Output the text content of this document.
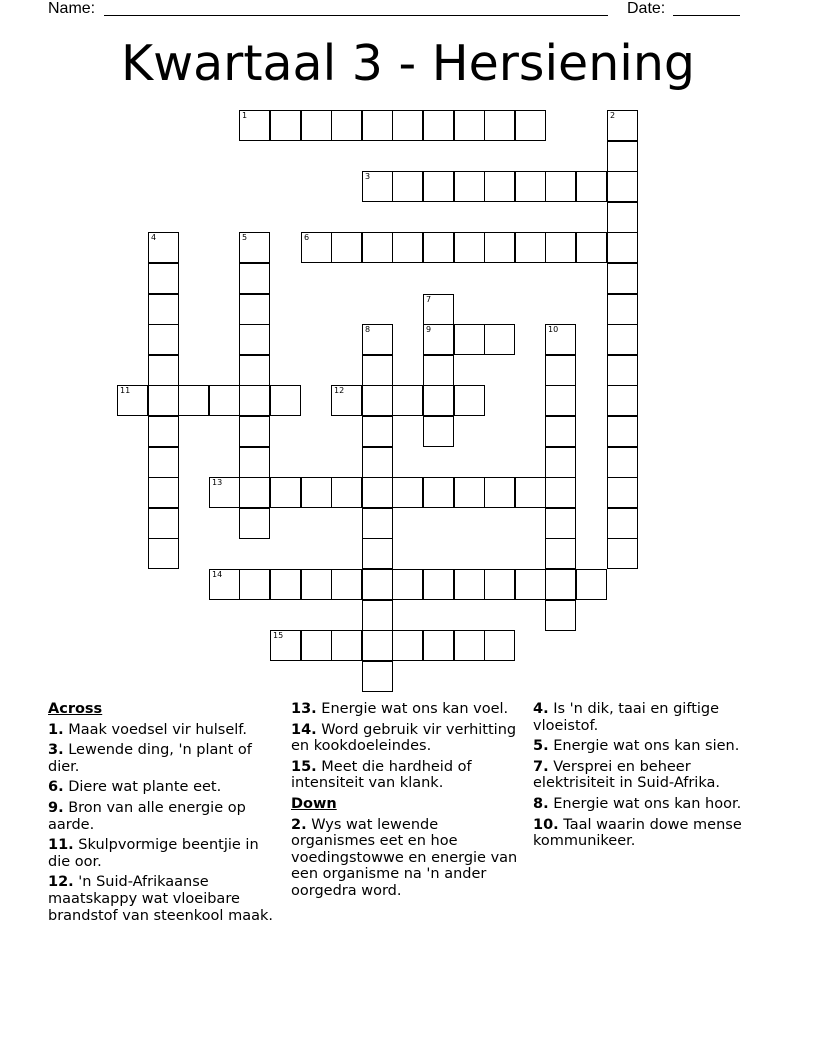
Name:	Date:
Kwartaal 3 - Hersiening
1	2
3
4	5	6
7
8	9	10
11	12
13
14
15
Across
1. Maak voedsel vir hulself.
3. Lewende ding, 'n plant of dier.
6. Diere wat plante eet.
9. Bron van alle energie op aarde.
11. Skulpvormige beentjie in die oor.
12. 'n Suid-Afrikaanse maatskappy wat vloeibare brandstof van steenkool maak.
13. Energie wat ons kan voel.
14. Word gebruik vir verhitting en kookdoeleindes.
15. Meet die hardheid of intensiteit van klank.
Down
2. Wys wat lewende organismes eet en hoe voedingstowwe en energie van een organisme na 'n ander oorgedra word.
4. Is 'n dik, taai en giftige vloeistof.
5. Energie wat ons kan sien.
7. Versprei en beheer elektrisiteit in Suid-Afrika.
8. Energie wat ons kan hoor.
10. Taal waarin dowe mense kommunikeer.
